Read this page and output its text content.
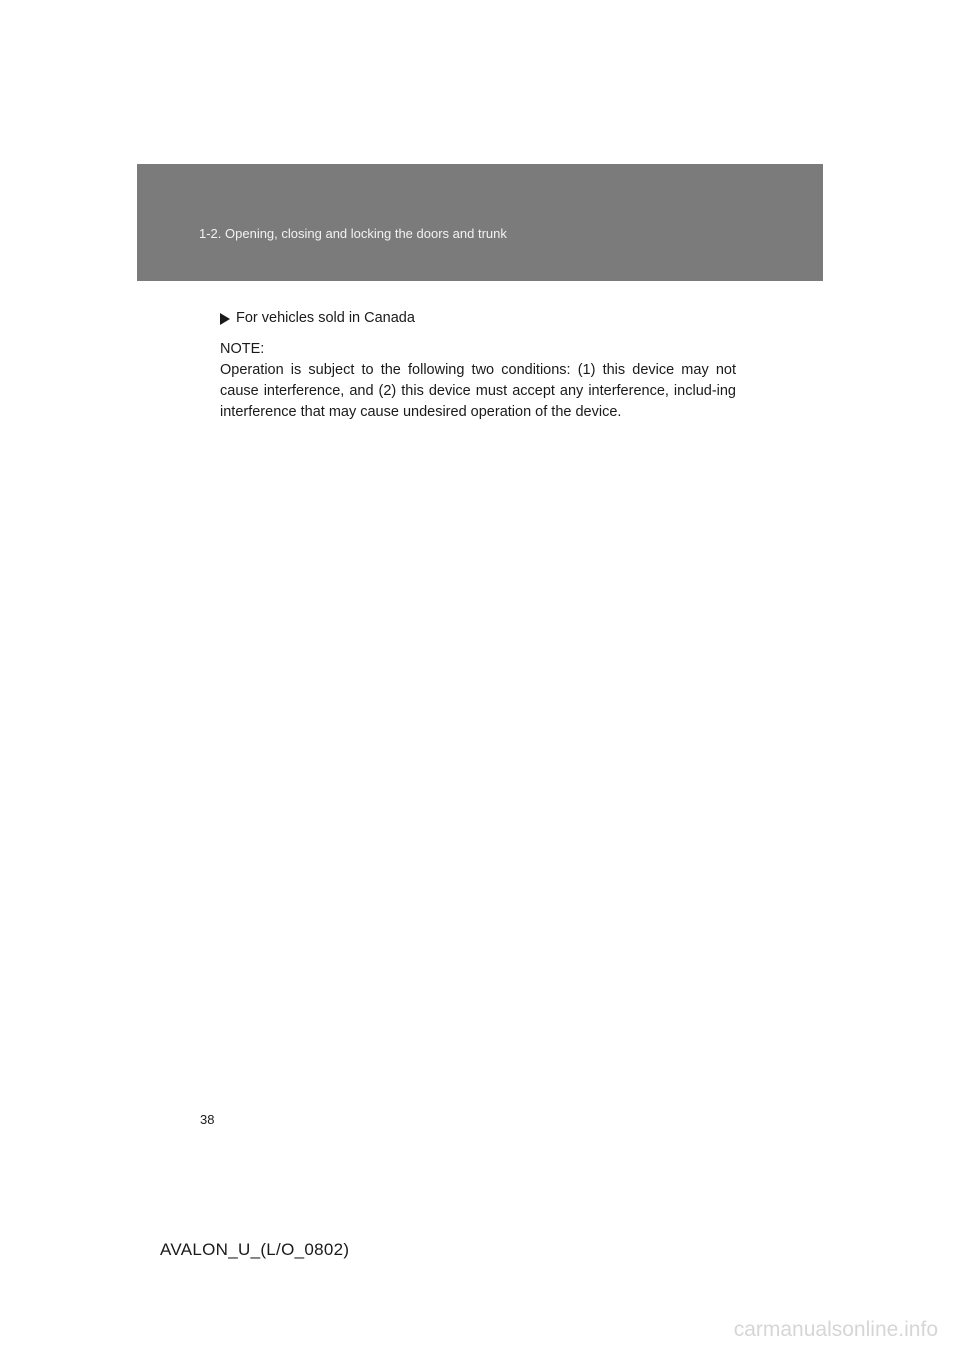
1-2. Opening, closing and locking the doors and trunk
For vehicles sold in Canada
NOTE:
Operation is subject to the following two conditions: (1) this device may not cause interference, and (2) this device must accept any interference, includ-ing interference that may cause undesired operation of the device.
38
AVALON_U_(L/O_0802)
carmanualsonline.info
